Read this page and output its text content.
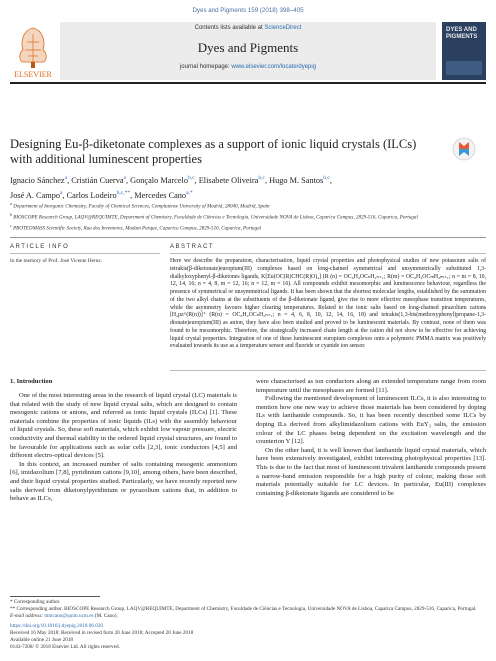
Dyes and Pigments 159 (2018) 398–405
ELSEVIER
Contents lists available at ScienceDirect
Dyes and Pigments
journal homepage: www.elsevier.com/locate/dyepig
DYES AND PIGMENTS
Designing Eu-β-diketonate complexes as a support of ionic liquid crystals (ILCs) with additional luminescent properties
Ignacio Sánchez$^a$, Cristián Cuerva$^a$, Gonçalo Marcelo$^{b,c}$, Elisabete Oliveira$^{b,c}$, Hugo M. Santos$^{b,c}$,
José A. Campo$^a$, Carlos Lodeiro$^{b,c,**}$, Mercedes Cano$^{a,*}$
$^a$ Department of Inorganic Chemistry, Faculty of Chemical Sciences, Complutense University of Madrid, 28040, Madrid, Spain
$^b$ BIOSCOPE Research Group, LAQV@REQUIMTE, Department of Chemistry, Faculdade de Ciências e Tecnologia, Universidade NOVA de Lisboa, Caparica Campus, 2829-516, Caparica, Portugal
$^c$ PROTEOMASS Scientific Society, Rua dos Inventores, Madam Parque, Caparica Campus, 2829-516, Caparica, Portugal
ARTICLE INFO	ABSTRACT
In the memory of Prof. José Vicente Hernz.	Here we describe the preparation, characterisation, liquid crystal properties and photophysical studies of new potassium salts of tetrakis(β-diketonate)europium(III) complexes based on long-chained symmetrical and unsymmetrically substituted 1,3-dialkyloxyphenyl-β-diketones ligands, K[Eu(OC(R)CHC(R)O)₄] (R (n) = OC₆H₄OCₙH₂ₙ₊₁; R(m) = OC₆H₄OCₘH₂ₘ₊₁; n = m = 8, 10, 12, 14, 16; n = 4, 8, m = 12, 16; n = 12, m = 16). All compounds exhibit mesomorphic and luminescence behaviour, regardless the presence of symmetrical or unsymmetrical ligands. It has been shown that the shortest molecular lengths, established by the summation of the two alkyl chains at the substituents of the β-diketonate ligand, give rise to more effective mesophase transition temperatures, while the asymmetry favours higher clearing temperatures. Related to the ionic salts based on long-chained pirazolium cations [H₂pz^(R(n))]⁺ (R(n) = OC₆H₄OCₙH₂ₙ₊₁; n = 4, 6, 8, 10, 12, 14, 16, 18) and tetrakis(1,3-bis(methoxyphenyl)propane-1,3-dionate)europium(III) as anion, they have also been studied and proved to be luminescent materials. By contrast, none of them was found to be mesomorphic. Therefore, the strategically increased chain length at the cation did not show to be effective for achieving liquid crystal properties. Integration of one of these luminescent europium complexes onto a polymeric PMMA matrix was positively evaluated towards its use as a temperature sensor and fluoride or cyanide ion sensor.
1. Introduction

One of the most interesting areas in the research of liquid crystal (LC) materials is that related with the study of new liquid crystal salts, which are designed to contain mesogenic cations or anions, and referred as ionic liquid crystals (ILCs) [1]. These materials combine the properties of ionic liquids (ILs) with the assembly behaviour of liquid crystals. So, these soft materials, which exhibit low vapour pressure, electric conductivity and thermal stability in the ordered liquid crystal structures, are found to be favourable for applications such as solar cells [2,3], ionic conductors [4,5] and different electro-optical devices [5].

In this context, an increased number of salts containing mesogenic ammonium [6], imidazolium [7,8], pyridinium cations [9,10], among others, have been described, and their liquid crystal properties studied. Particularly, we have recently reported new salts derived from diketonylpyridinium or pyrazolium cations that, in addition to behave as ILCs,

were characterised as ion conductors along an extended temperature range from room temperature until the mesophases are formed [11].

Following the mentioned development of luminescent ILCs, it is also interesting to mention how one new way to achieve those materials has been considered by doping ILs with lanthanide compounds. So, it has been recently described some ILCs by doping ILs derived from alkylimidazolium cations with EuY₃ salts, the emission colour of the LC phases being dependent on the excitation wavelength and the counterion Y [12].

On the other hand, it is well known that lanthanide liquid crystal materials, which have been extensively investigated, exhibit interesting photophysical properties [13]. This is due to the fact that most of luminescent trivalent lanthanide compounds present a narrow-band emission responsible for a high purity of colour, making those soft materials potentially suitable for LC devices. In particular, Eu(III) complexes containing β-diketonate ligands are considered to be

* Corresponding author.
** Corresponding author. BIOSCOPE Research Group, LAQV@REQUIMTE, Department of Chemistry, Faculdade de Ciências e Tecnologia, Universidade NOVA de Lisboa, Caparica Campus, 2829-516, Caparica, Portugal.
E-mail address: mmcano@quim.ucm.es (M. Cano).
https://doi.org/10.1016/j.dyepig.2018.06.030
Received 16 May 2018; Received in revised form 20 June 2018; Accepted 20 June 2018
Available online 21 June 2018
0143-7208/ © 2018 Elsevier Ltd. All rights reserved.
